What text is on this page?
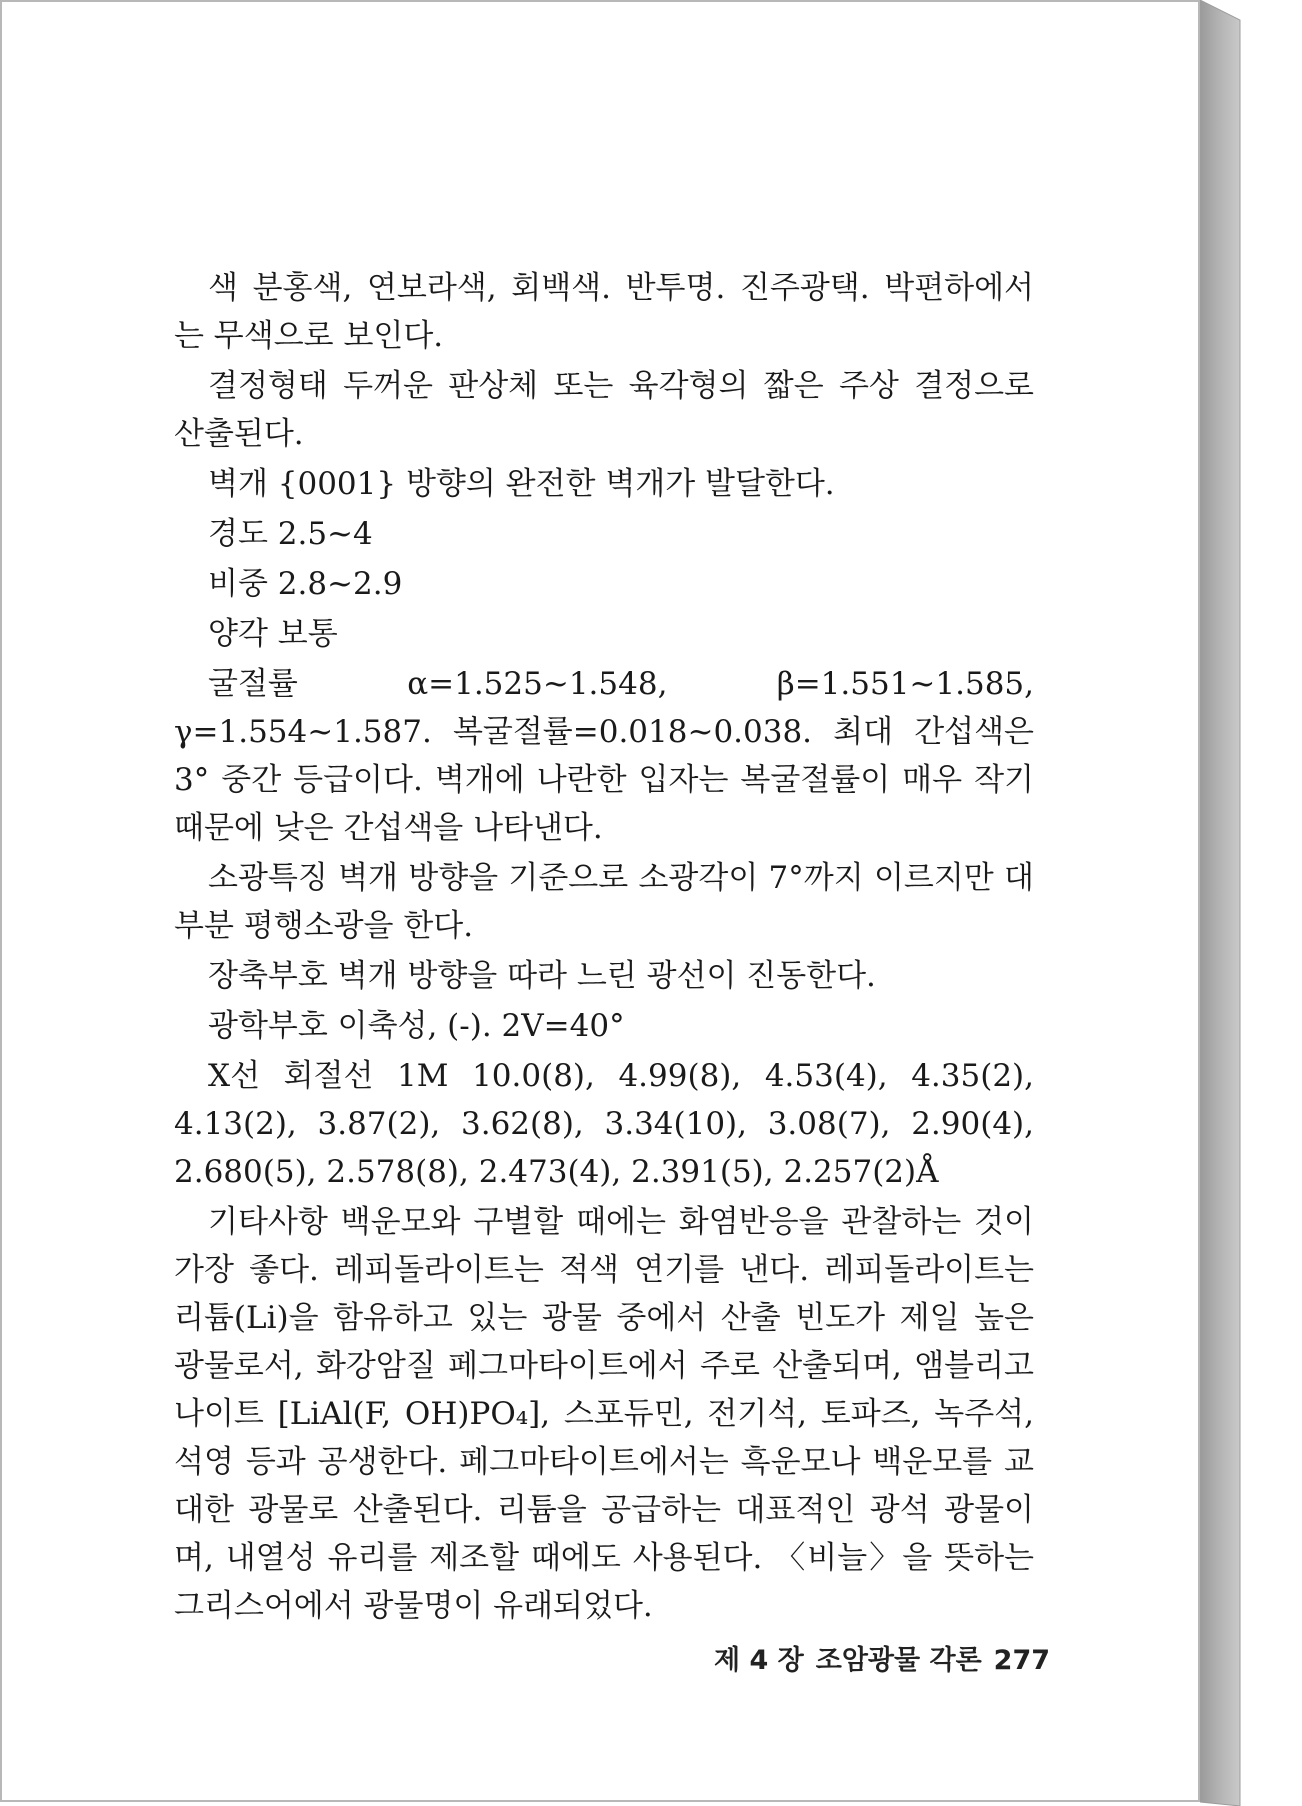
색 분홍색, 연보라색, 회백색. 반투명. 진주광택. 박편하에서는 무색으로 보인다.

결정형태 두꺼운 판상체 또는 육각형의 짧은 주상 결정으로 산출된다.

벽개 {0001} 방향의 완전한 벽개가 발달한다.

경도 2.5~4

비중 2.8~2.9

양각 보통

굴절률 α=1.525~1.548, β=1.551~1.585, γ=1.554~1.587. 복굴절률=0.018~0.038. 최대 간섭색은 3° 중간 등급이다. 벽개에 나란한 입자는 복굴절률이 매우 작기 때문에 낮은 간섭색을 나타낸다.

소광특징 벽개 방향을 기준으로 소광각이 7°까지 이르지만 대부분 평행소광을 한다.

장축부호 벽개 방향을 따라 느린 광선이 진동한다.

광학부호 이축성, (-). 2V=40°

X선 회절선 1M 10.0(8), 4.99(8), 4.53(4), 4.35(2), 4.13(2), 3.87(2), 3.62(8), 3.34(10), 3.08(7), 2.90(4), 2.680(5), 2.578(8), 2.473(4), 2.391(5), 2.257(2)Å

기타사항 백운모와 구별할 때에는 화염반응을 관찰하는 것이 가장 좋다. 레피돌라이트는 적색 연기를 낸다. 레피돌라이트는 리튬(Li)을 함유하고 있는 광물 중에서 산출 빈도가 제일 높은 광물로서, 화강암질 페그마타이트에서 주로 산출되며, 앰블리고나이트 [LiAl(F, OH)PO₄], 스포듀민, 전기석, 토파즈, 녹주석, 석영 등과 공생한다. 페그마타이트에서는 흑운모나 백운모를 교대한 광물로 산출된다. 리튬을 공급하는 대표적인 광석 광물이며, 내열성 유리를 제조할 때에도 사용된다. 〈비늘〉을 뜻하는 그리스어에서 광물명이 유래되었다.

제 4 장 조암광물 각론 277
